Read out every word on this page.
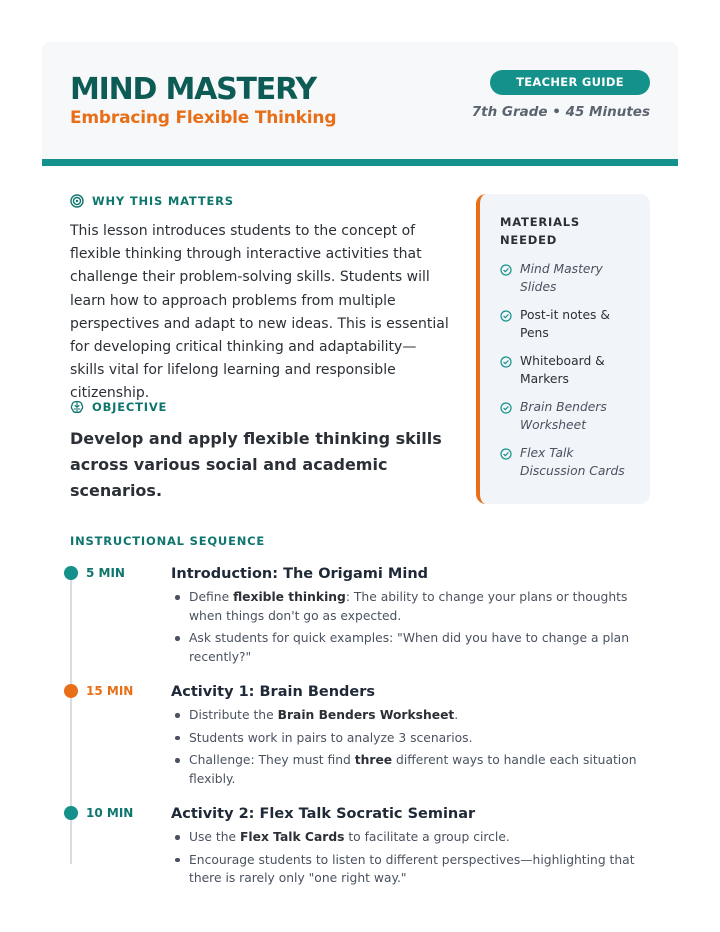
MIND MASTERY
Embracing Flexible Thinking
TEACHER GUIDE
7th Grade • 45 Minutes
WHY THIS MATTERS

This lesson introduces students to the concept of flexible thinking through interactive activities that challenge their problem-solving skills. Students will learn how to approach problems from multiple perspectives and adapt to new ideas. This is essential for developing critical thinking and adaptability—skills vital for lifelong learning and responsible citizenship.

OBJECTIVE

Develop and apply flexible thinking skills across various social and academic scenarios.

MATERIALS NEEDED
Mind Mastery Slides
Post-it notes & Pens
Whiteboard & Markers
Brain Benders Worksheet
Flex Talk Discussion Cards
INSTRUCTIONAL SEQUENCE
5 MIN	Introduction: The Origami Mind
Define flexible thinking: The ability to change your plans or thoughts when things don't go as expected.
Ask students for quick examples: "When did you have to change a plan recently?"
15 MIN	Activity 1: Brain Benders
Distribute the Brain Benders Worksheet.
Students work in pairs to analyze 3 scenarios.
Challenge: They must find three different ways to handle each situation flexibly.
10 MIN	Activity 2: Flex Talk Socratic Seminar
Use the Flex Talk Cards to facilitate a group circle.
Encourage students to listen to different perspectives—highlighting that there is rarely only "one right way."
